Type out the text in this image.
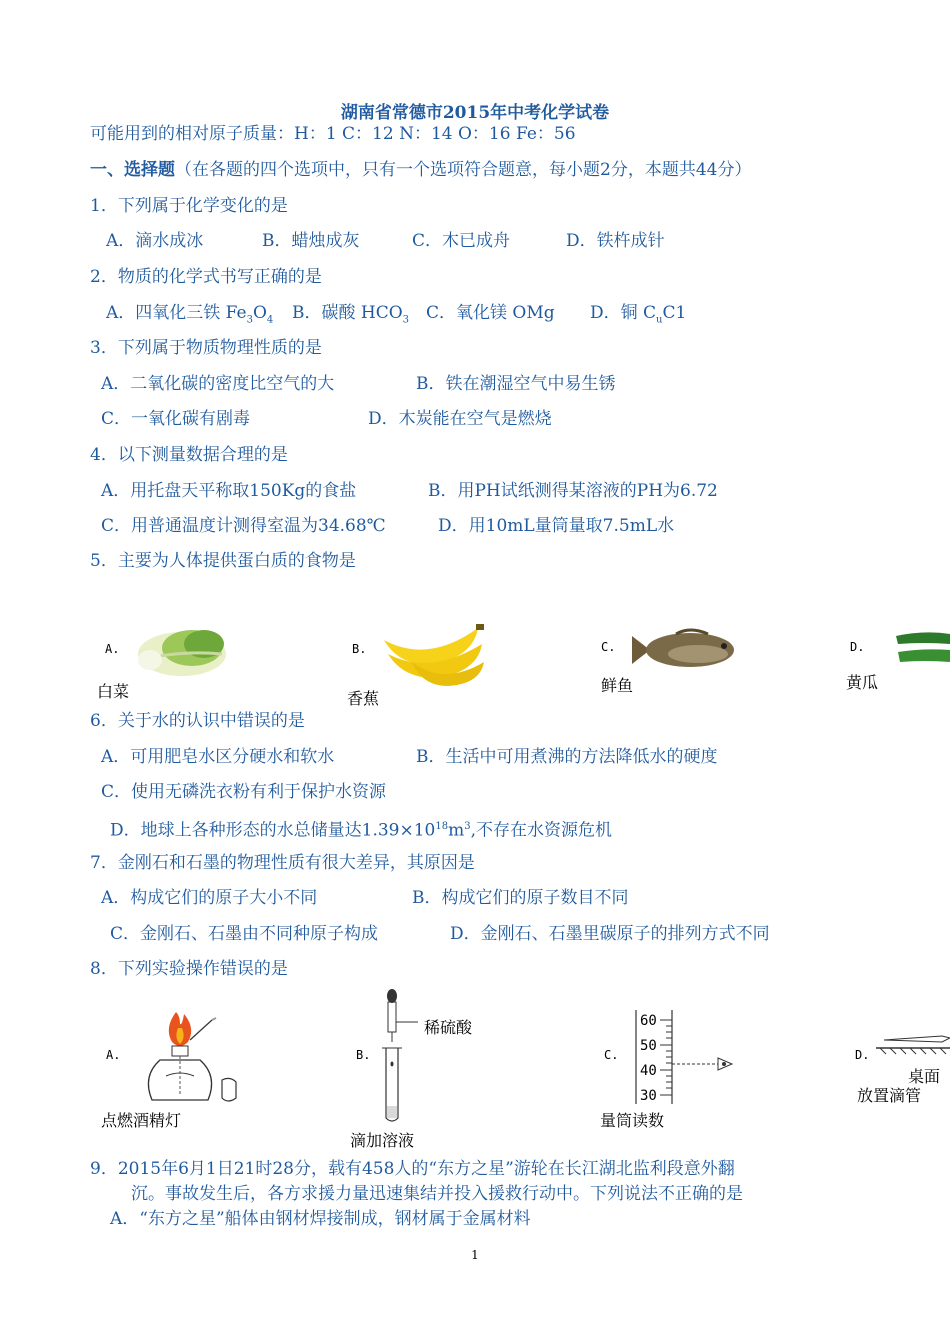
湖南省常德市2015年中考化学试卷
可能用到的相对原子质量：H：1 C：12 N：14 O：16 Fe：56
一、选择题（在各题的四个选项中，只有一个选项符合题意，每小题2分，本题共44分）
1．下列属于化学变化的是
A．滴水成冰	B．蜡烛成灰	C．木已成舟	D．铁杵成针
2．物质的化学式书写正确的是
A．四氧化三铁 $Fe_3O_4$ B．碳酸 $HCO_3$ C．氧化镁 OMg D．铜 $C_uC1$
3．下列属于物质物理性质的是
A．二氧化碳的密度比空气的大	B．铁在潮湿空气中易生锈
C．一氧化碳有剧毒	D．木炭能在空气是燃烧
4．以下测量数据合理的是
A．用托盘天平称取150Kg的食盐	B．用PH试纸测得某溶液的PH为6.72
C．用普通温度计测得室温为34.68℃	D．用10mL量筒量取7.5mL水
5．主要为人体提供蛋白质的食物是
A.
白菜
B.
香蕉
C.
鲜鱼
D.
黄瓜
6．关于水的认识中错误的是
A．可用肥皂水区分硬水和软水	B．生活中可用煮沸的方法降低水的硬度
C．使用无磷洗衣粉有利于保护水资源
D．地球上各种形态的水总储量达$1.39\times 10^{18}m^3$,不存在水资源危机
7．金刚石和石墨的物理性质有很大差异，其原因是
A．构成它们的原子大小不同	B．构成它们的原子数目不同
C．金刚石、石墨由不同种原子构成	D．金刚石、石墨里碳原子的排列方式不同
8．下列实验操作错误的是
A.
点燃酒精灯
B.
稀硫酸
滴加溶液
C.
60
50
40
30
量筒读数
D.
桌面
放置滴管
9．2015年6月1日21时28分，载有458人的“东方之星”游轮在长江湖北监利段意外翻
沉。事故发生后，各方求援力量迅速集结并投入援救行动中。下列说法不正确的是
A．“东方之星”船体由钢材焊接制成，钢材属于金属材料
1
